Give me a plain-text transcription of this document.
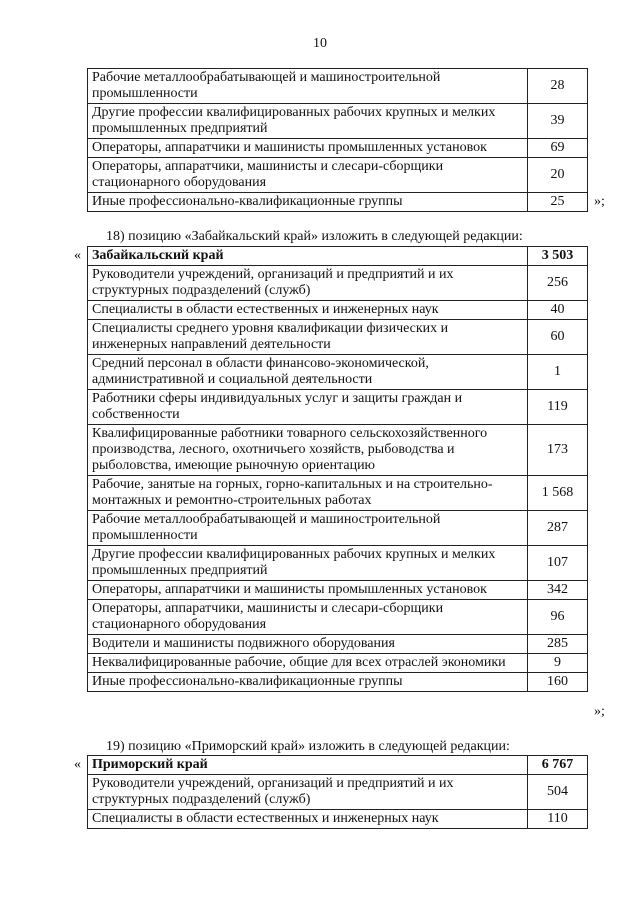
10
Рабочие металлообрабатывающей и машиностроительной промышленности	28
Другие профессии квалифицированных рабочих крупных и мелких промышленных предприятий	39
Операторы, аппаратчики и машинисты промышленных установок	69
Операторы, аппаратчики, машинисты и слесари-сборщики стационарного оборудования	20
Иные профессионально-квалификационные группы	25 »;
18) позицию «Забайкальский край» изложить в следующей редакции:
« Забайкальский край	3 503
Руководители учреждений, организаций и предприятий и их структурных подразделений (служб)	256
Специалисты в области естественных и инженерных наук	40
Специалисты среднего уровня квалификации физических и инженерных направлений деятельности	60
Средний персонал в области финансово-экономической, административной и социальной деятельности	1
Работники сферы индивидуальных услуг и защиты граждан и собственности	119
Квалифицированные работники товарного сельскохозяйственного производства, лесного, охотничьего хозяйств, рыбоводства и рыболовства, имеющие рыночную ориентацию	173
Рабочие, занятые на горных, горно-капитальных и на строительно-монтажных и ремонтно-строительных работах	1 568
Рабочие металлообрабатывающей и машиностроительной промышленности	287
Другие профессии квалифицированных рабочих крупных и мелких промышленных предприятий	107
Операторы, аппаратчики и машинисты промышленных установок	342
Операторы, аппаратчики, машинисты и слесари-сборщики стационарного оборудования	96
Водители и машинисты подвижного оборудования	285
Неквалифицированные рабочие, общие для всех отраслей экономики	9
Иные профессионально-квалификационные группы	160
»;
19) позицию «Приморский край» изложить в следующей редакции:
« Приморский край	6 767
Руководители учреждений, организаций и предприятий и их структурных подразделений (служб)	504
Специалисты в области естественных и инженерных наук	110
